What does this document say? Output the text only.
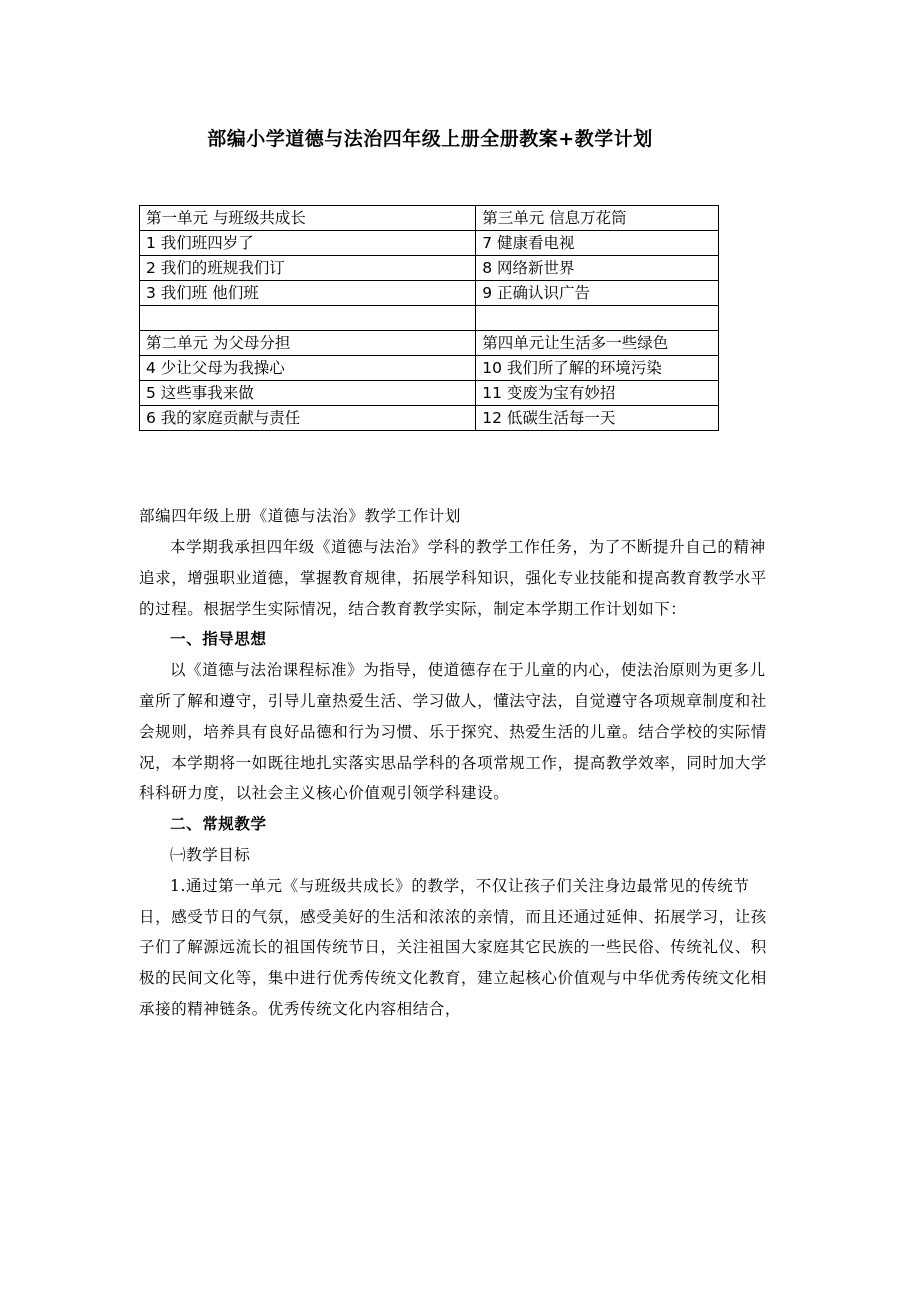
部编小学道德与法治四年级上册全册教案+教学计划
第一单元 与班级共成长	第三单元 信息万花筒
1 我们班四岁了	7 健康看电视
2 我们的班规我们订	8 网络新世界
3 我们班 他们班	9 正确认识广告

第二单元 为父母分担	第四单元让生活多一些绿色
4 少让父母为我操心	10 我们所了解的环境污染
5 这些事我来做	11 变废为宝有妙招
6 我的家庭贡献与责任	12 低碳生活每一天

部编四年级上册《道德与法治》教学工作计划

本学期我承担四年级《道德与法治》学科的教学工作任务，为了不断提升自己的精神追求，增强职业道德，掌握教育规律，拓展学科知识，强化专业技能和提高教育教学水平的过程。根据学生实际情况，结合教育教学实际，制定本学期工作计划如下：

一、指导思想

以《道德与法治课程标准》为指导，使道德存在于儿童的内心，使法治原则为更多儿童所了解和遵守，引导儿童热爱生活、学习做人，懂法守法，自觉遵守各项规章制度和社会规则，培养具有良好品德和行为习惯、乐于探究、热爱生活的儿童。结合学校的实际情况，本学期将一如既往地扎实落实思品学科的各项常规工作，提高教学效率，同时加大学科科研力度，以社会主义核心价值观引领学科建设。

二、常规教学

㈠教学目标

1.通过第一单元《与班级共成长》的教学，不仅让孩子们关注身边最常见的传统节日，感受节日的气氛，感受美好的生活和浓浓的亲情，而且还通过延伸、拓展学习，让孩子们了解源远流长的祖国传统节日，关注祖国大家庭其它民族的一些民俗、传统礼仪、积极的民间文化等，集中进行优秀传统文化教育，建立起核心价值观与中华优秀传统文化相承接的精神链条。优秀传统文化内容相结合，
